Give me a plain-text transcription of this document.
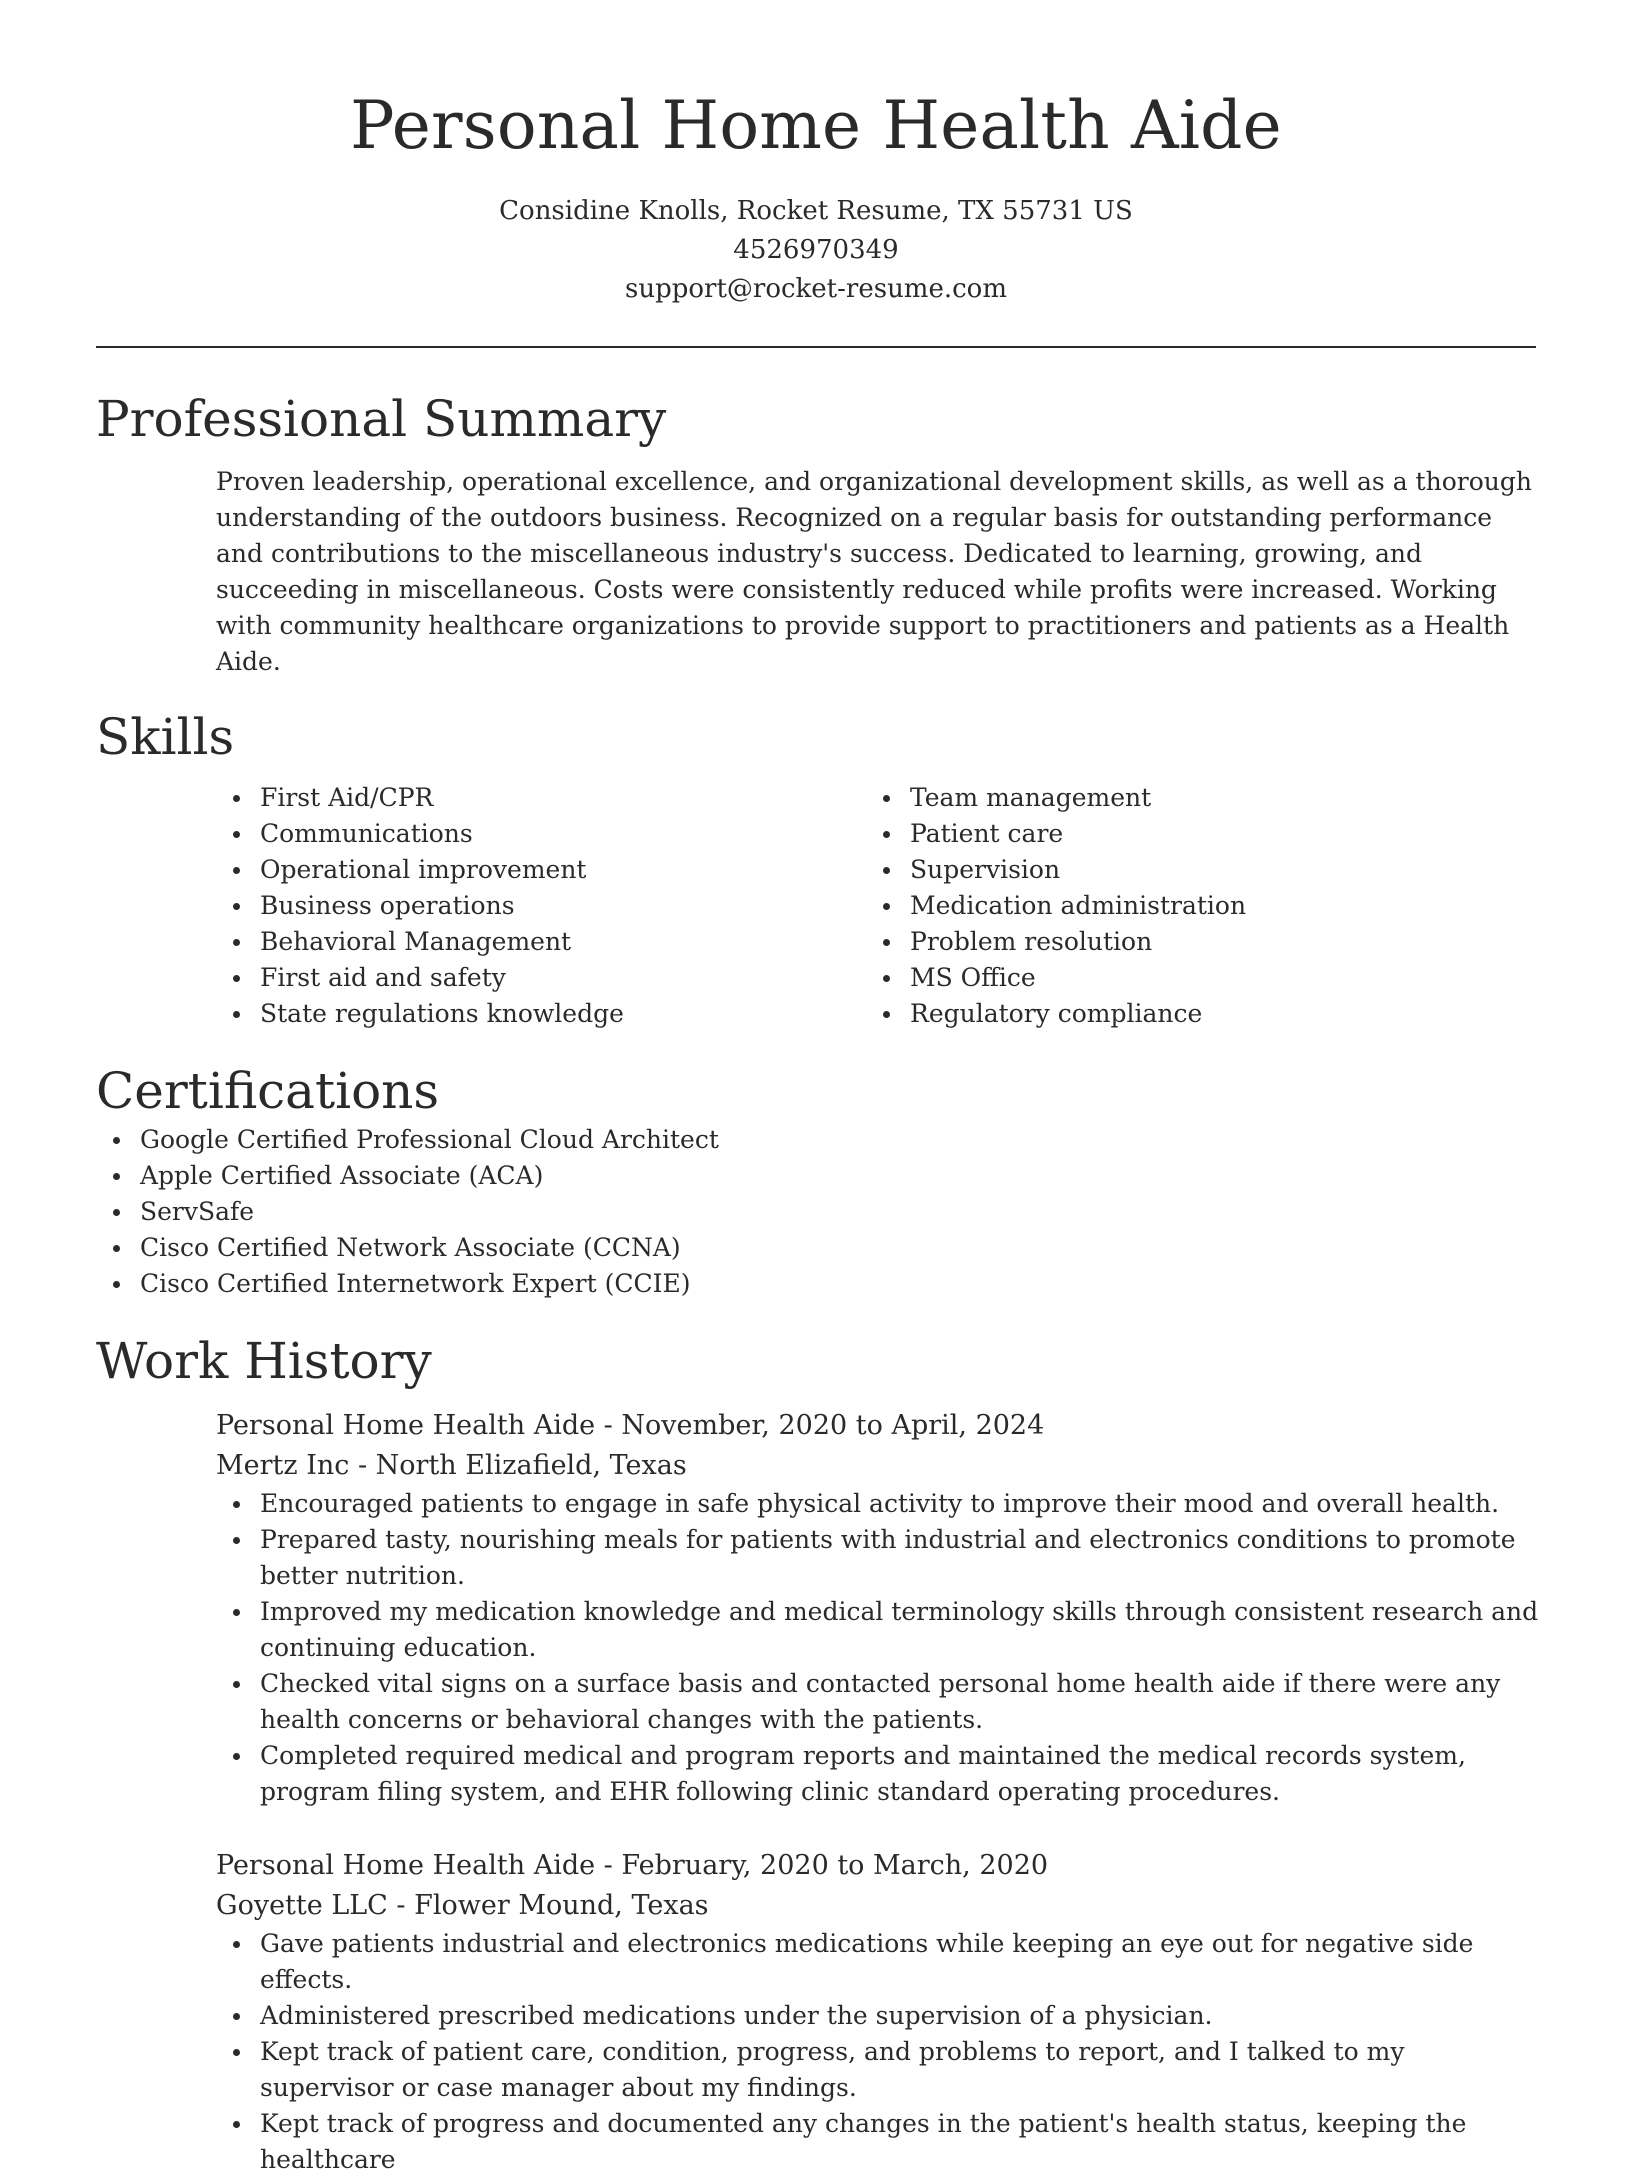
Personal Home Health Aide
Considine Knolls, Rocket Resume, TX 55731 US
4526970349
support@rocket-resume.com
Professional Summary

Proven leadership, operational excellence, and organizational development skills, as well as a thorough understanding of the outdoors business. Recognized on a regular basis for outstanding performance and contributions to the miscellaneous industry's success. Dedicated to learning, growing, and succeeding in miscellaneous. Costs were consistently reduced while profits were increased. Working with community healthcare organizations to provide support to practitioners and patients as a Health Aide.

Skills
First Aid/CPR
Communications
Operational improvement
Business operations
Behavioral Management
First aid and safety
State regulations knowledge
Team management
Patient care
Supervision
Medication administration
Problem resolution
MS Office
Regulatory compliance
Certifications
Google Certified Professional Cloud Architect
Apple Certified Associate (ACA)
ServSafe
Cisco Certified Network Associate (CCNA)
Cisco Certified Internetwork Expert (CCIE)
Work History
Personal Home Health Aide - November, 2020 to April, 2024
Mertz Inc - North Elizafield, Texas
Encouraged patients to engage in safe physical activity to improve their mood and overall health.
Prepared tasty, nourishing meals for patients with industrial and electronics conditions to promote better nutrition.
Improved my medication knowledge and medical terminology skills through consistent research and continuing education.
Checked vital signs on a surface basis and contacted personal home health aide if there were any health concerns or behavioral changes with the patients.
Completed required medical and program reports and maintained the medical records system, program filing system, and EHR following clinic standard operating procedures.
Personal Home Health Aide - February, 2020 to March, 2020
Goyette LLC - Flower Mound, Texas
Gave patients industrial and electronics medications while keeping an eye out for negative side effects.
Administered prescribed medications under the supervision of a physician.
Kept track of patient care, condition, progress, and problems to report, and I talked to my supervisor or case manager about my findings.
Kept track of progress and documented any changes in the patient's health status, keeping the healthcare
